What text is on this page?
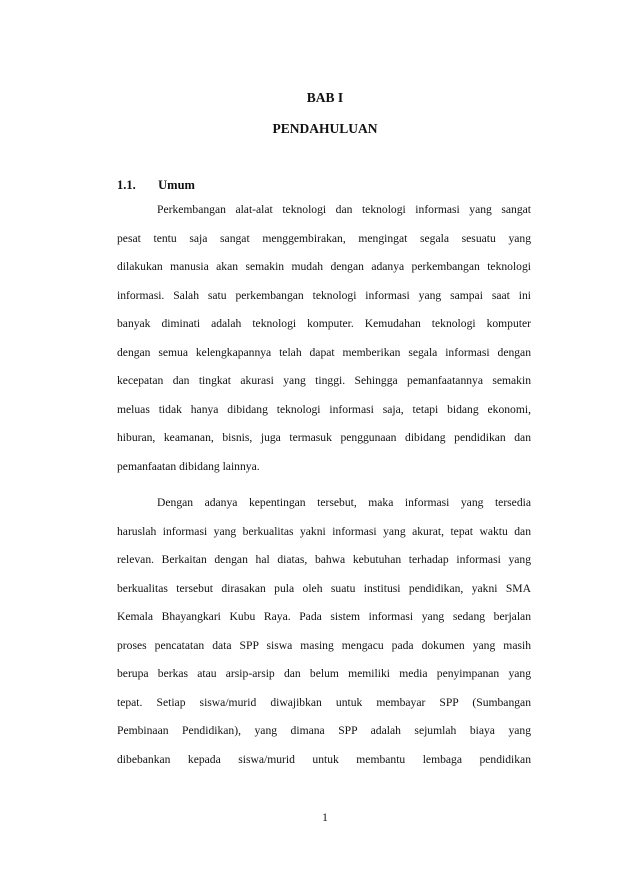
BAB I
PENDAHULUAN
1.1. Umum
Perkembangan alat-alat teknologi dan teknologi informasi yang sangat
pesat tentu saja sangat menggembirakan, mengingat segala sesuatu yang
dilakukan manusia akan semakin mudah dengan adanya perkembangan teknologi
informasi. Salah satu perkembangan teknologi informasi yang sampai saat ini
banyak diminati adalah teknologi komputer. Kemudahan teknologi komputer
dengan semua kelengkapannya telah dapat memberikan segala informasi dengan
kecepatan dan tingkat akurasi yang tinggi. Sehingga pemanfaatannya semakin
meluas tidak hanya dibidang teknologi informasi saja, tetapi bidang ekonomi,
hiburan, keamanan, bisnis, juga termasuk penggunaan dibidang pendidikan dan
pemanfaatan dibidang lainnya.
Dengan adanya kepentingan tersebut, maka informasi yang tersedia
haruslah informasi yang berkualitas yakni informasi yang akurat, tepat waktu dan
relevan. Berkaitan dengan hal diatas, bahwa kebutuhan terhadap informasi yang
berkualitas tersebut dirasakan pula oleh suatu institusi pendidikan, yakni SMA
Kemala Bhayangkari Kubu Raya. Pada sistem informasi yang sedang berjalan
proses pencatatan data SPP siswa masing mengacu pada dokumen yang masih
berupa berkas atau arsip-arsip dan belum memiliki media penyimpanan yang
tepat. Setiap siswa/murid diwajibkan untuk membayar SPP (Sumbangan
Pembinaan Pendidikan), yang dimana SPP adalah sejumlah biaya yang
dibebankan kepada siswa/murid untuk membantu lembaga pendidikan
1
